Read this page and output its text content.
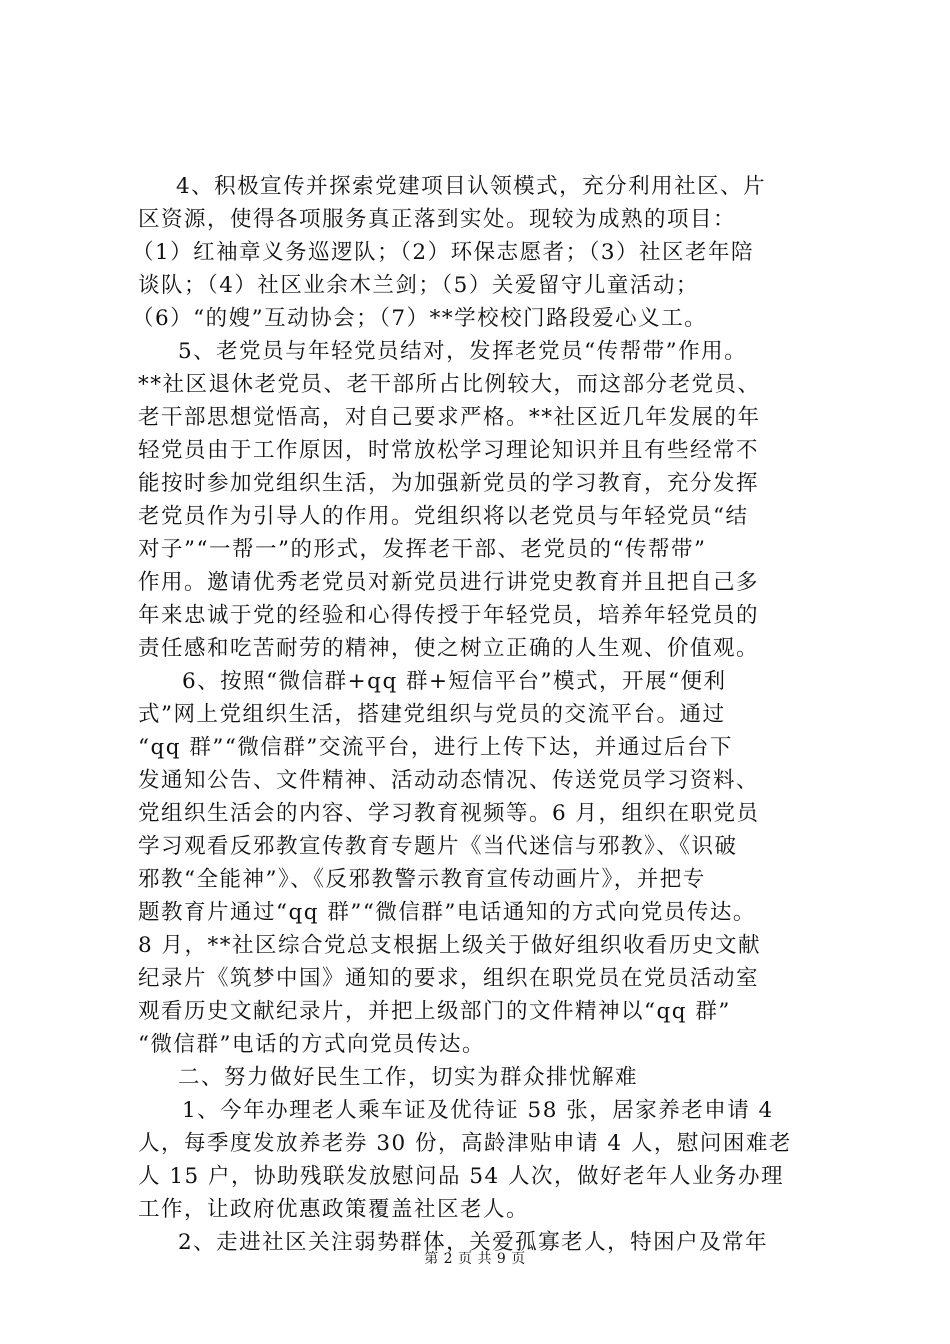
4、积极宣传并探索党建项目认领模式，充分利用社区、片
区资源，使得各项服务真正落到实处。现较为成熟的项目：
（1）红袖章义务巡逻队；（2）环保志愿者；（3）社区老年陪
谈队；（4）社区业余木兰剑；（5）关爱留守儿童活动；
（6）“的嫂”互动协会；（7）**学校校门路段爱心义工。
5、老党员与年轻党员结对，发挥老党员“传帮带”作用。
**社区退休老党员、老干部所占比例较大，而这部分老党员、
老干部思想觉悟高，对自己要求严格。**社区近几年发展的年
轻党员由于工作原因，时常放松学习理论知识并且有些经常不
能按时参加党组织生活，为加强新党员的学习教育，充分发挥
老党员作为引导人的作用。党组织将以老党员与年轻党员“结
对子”“一帮一”的形式，发挥老干部、老党员的“传帮带”
作用。邀请优秀老党员对新党员进行讲党史教育并且把自己多
年来忠诚于党的经验和心得传授于年轻党员，培养年轻党员的
责任感和吃苦耐劳的精神，使之树立正确的人生观、价值观。
6、按照“微信群+qq 群+短信平台”模式，开展“便利
式”网上党组织生活，搭建党组织与党员的交流平台。通过
“qq 群”“微信群”交流平台，进行上传下达，并通过后台下
发通知公告、文件精神、活动动态情况、传送党员学习资料、
党组织生活会的内容、学习教育视频等。6 月，组织在职党员
学习观看反邪教宣传教育专题片《当代迷信与邪教》、《识破
邪教“全能神”》、《反邪教警示教育宣传动画片》，并把专
题教育片通过“qq 群”“微信群”电话通知的方式向党员传达。
8 月，**社区综合党总支根据上级关于做好组织收看历史文献
纪录片《筑梦中国》通知的要求，组织在职党员在党员活动室
观看历史文献纪录片，并把上级部门的文件精神以“qq 群”
“微信群”电话的方式向党员传达。
二、努力做好民生工作，切实为群众排忧解难
1、今年办理老人乘车证及优待证 58 张，居家养老申请 4
人，每季度发放养老券 30 份，高龄津贴申请 4 人，慰问困难老
人 15 户，协助残联发放慰问品 54 人次，做好老年人业务办理
工作，让政府优惠政策覆盖社区老人。
2、走进社区关注弱势群体，关爱孤寡老人，特困户及常年
第 2 页 共 9 页
